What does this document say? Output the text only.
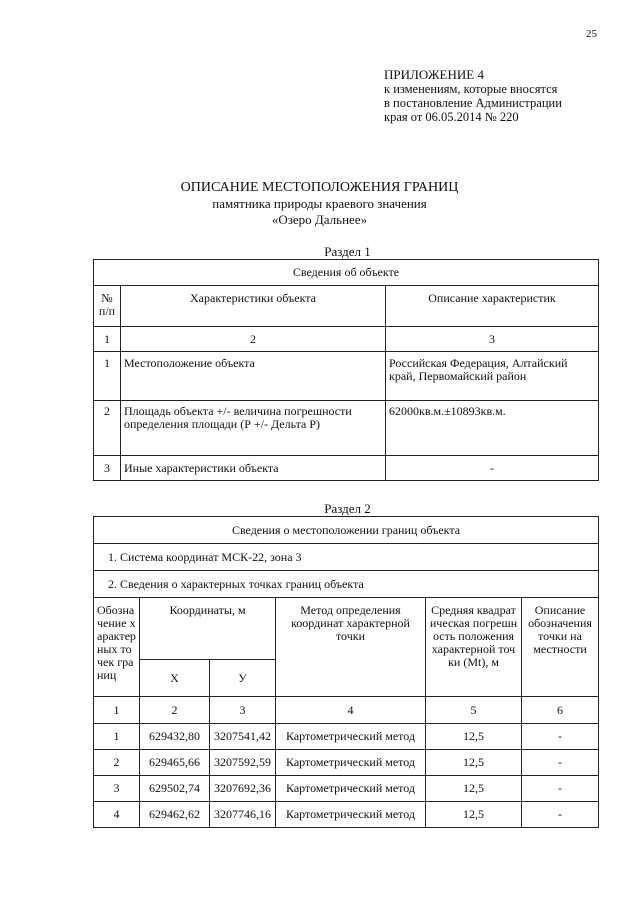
25
ПРИЛОЖЕНИЕ 4
к изменениям, которые вносятся
в постановление Администрации
края от 06.05.2014 № 220
ОПИСАНИЕ МЕСТОПОЛОЖЕНИЯ ГРАНИЦ
памятника природы краевого значения
«Озеро Дальнее»
Раздел 1
Сведения об объекте		
№ п/п	Характеристики объекта	Описание характеристик
1	2	3
1	Местоположение объекта	Российская Федерация, Алтайский край, Первомайский район
2	Площадь объекта +/- величина погрешности определения площади (Р +/- Дельта Р)	62000кв.м.±10893кв.м.
3	Иные характеристики объекта	-
Раздел 2
Сведения о местоположении границ объекта					
1. Система координат МСК-22, зона 3					
2. Сведения о характерных точках границ объекта					
Обозначение характерных точек границ	Координаты, м		Метод определения координат характерной точки	Средняя квадратическая погрешность положения характерной точки (Mt), м	Описание обозначения точки на местности
	Х	У			
1	2	3	4	5	6
1	629432,80	3207541,42	Картометрический метод	12,5	-
2	629465,66	3207592,59	Картометрический метод	12,5	-
3	629502,74	3207692,36	Картометрический метод	12,5	-
4	629462,62	3207746,16	Картометрический метод	12,5	-
